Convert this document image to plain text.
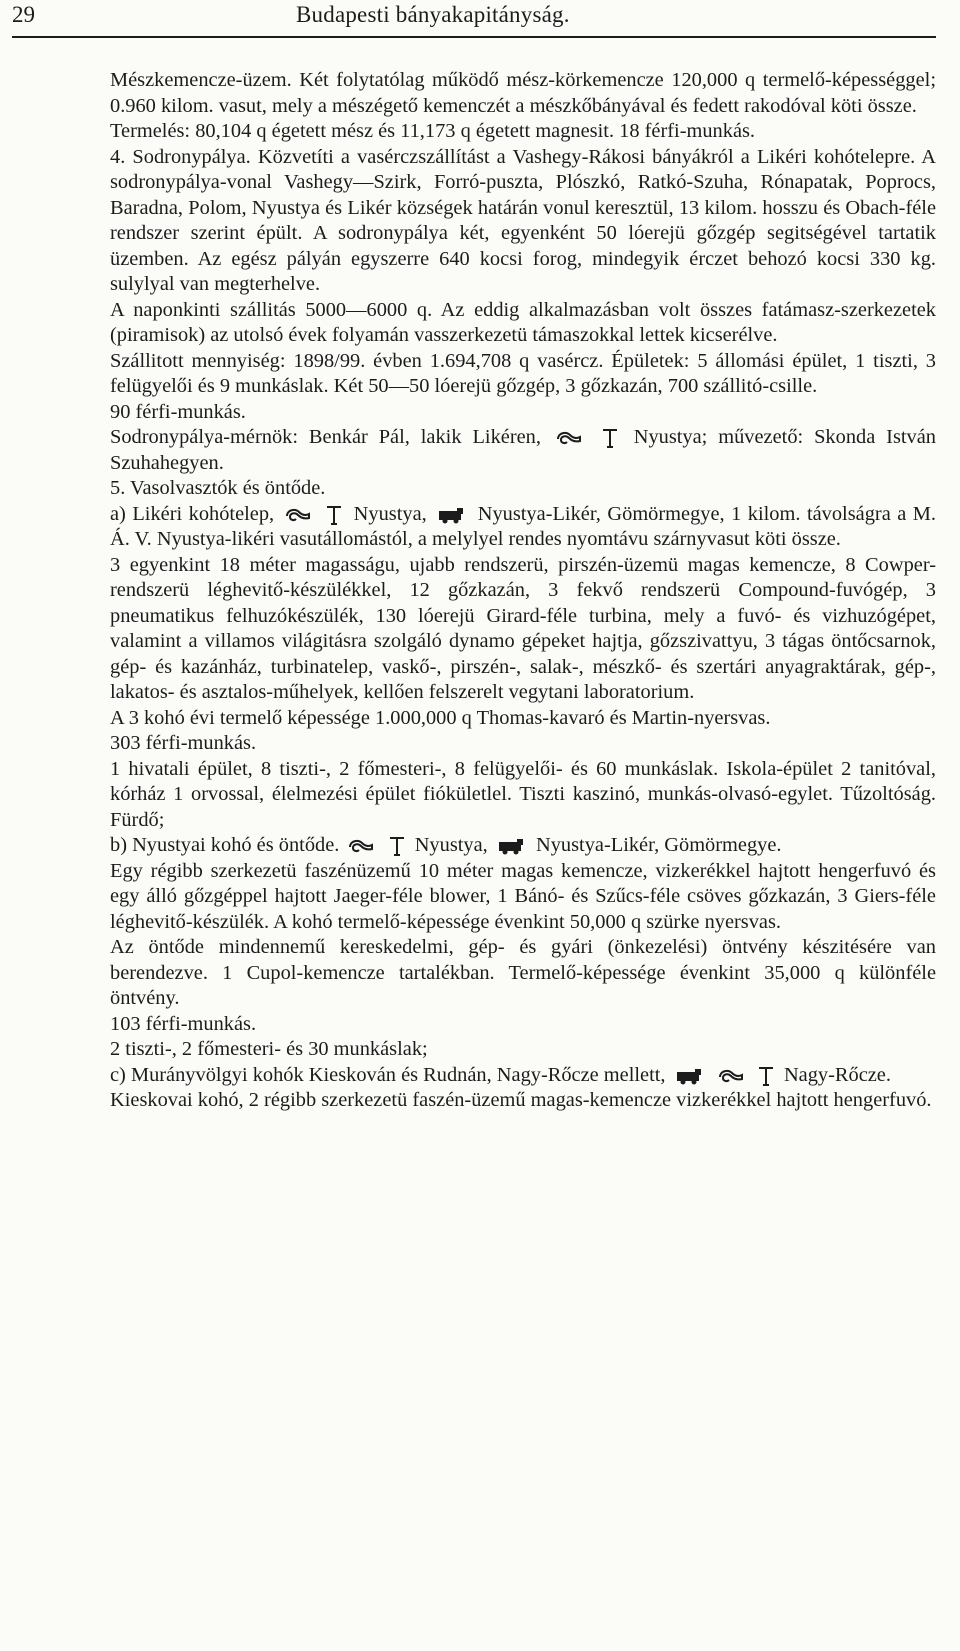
29	Budapesti bányakapitányság.

Mészkemencze-üzem. Két folytatólag működő mész-körkemencze 120,000 q termelő-képességgel; 0.960 kilom. vasut, mely a mészégető kemenczét a mészkőbányával és fedett rakodóval köti össze.

Termelés: 80,104 q égetett mész és 11,173 q égetett magnesit. 18 férfi-munkás.

4. Sodronypálya. Közvetíti a vasérczszállítást a Vashegy-Rákosi bányákról a Likéri kohótelepre. A sodronypálya-vonal Vashegy—Szirk, Forró-puszta, Plószkó, Ratkó-Szuha, Rónapatak, Poprocs, Baradna, Polom, Nyustya és Likér községek határán vonul keresztül, 13 kilom. hosszu és Obach-féle rendszer szerint épült. A sodronypálya két, egyenként 50 lóerejü gőzgép segitségével tartatik üzemben. Az egész pályán egyszerre 640 kocsi forog, mindegyik érczet behozó kocsi 330 kg. sulylyal van megterhelve.

A naponkinti szállitás 5000—6000 q. Az eddig alkalmazásban volt összes fatámasz-szerkezetek (piramisok) az utolsó évek folyamán vasszerkezetü támaszokkal lettek kicserélve.

Szállitott mennyiség: 1898/99. évben 1.694,708 q vasércz. Épületek: 5 állomási épület, 1 tiszti, 3 felügyelői és 9 munkáslak. Két 50—50 lóerejü gőzgép, 3 gőzkazán, 700 szállitó-csille.

90 férfi-munkás.

Sodronypálya-mérnök: Benkár Pál, lakik Likéren,
	Nyustya; művezető: Skonda István Szuhahegyen.

5. Vasolvasztók és öntőde.

a) Likéri kohótelep,
	Nyustya,	Nyustya-Likér, Gömörmegye, 1 kilom. távolságra a M. Á. V. Nyustya-likéri vasutállomástól, a melylyel rendes nyomtávu szárnyvasut köti össze.

3 egyenkint 18 méter magasságu, ujabb rendszerü, pirszén-üzemü magas kemencze, 8 Cowper-rendszerü léghevitő-készülékkel, 12 gőzkazán, 3 fekvő rendszerü Compound-fuvógép, 3 pneumatikus felhuzókészülék, 130 lóerejü Girard-féle turbina, mely a fuvó- és vizhuzógépet, valamint a villamos világitásra szolgáló dynamo gépeket hajtja, gőzszivattyu, 3 tágas öntőcsarnok, gép- és kazánház, turbinatelep, vaskő-, pirszén-, salak-, mészkő- és szertári anyagraktárak, gép-, lakatos- és asztalos-műhelyek, kellően felszerelt vegytani laboratorium.

A 3 kohó évi termelő képessége 1.000,000 q Thomas-kavaró és Martin-nyersvas.

303 férfi-munkás.

1 hivatali épület, 8 tiszti-, 2 főmesteri-, 8 felügyelői- és 60 munkáslak. Iskola-épület 2 tanitóval, kórház 1 orvossal, élelmezési épület fiókületlel. Tiszti kaszinó, munkás-olvasó-egylet. Tűzoltóság. Fürdő;

b) Nyustyai kohó és öntőde.
	Nyustya, Nyustya-Likér, Gömörmegye.

Egy régibb szerkezetü faszénüzemű 10 méter magas kemencze, vizkerékkel hajtott hengerfuvó és egy álló gőzgéppel hajtott Jaeger-féle blower, 1 Bánó- és Szűcs-féle csöves gőzkazán, 3 Giers-féle léghevitő-készülék. A kohó termelő-képessége évenkint 50,000 q szürke nyersvas.

Az öntőde mindennemű kereskedelmi, gép- és gyári (önkezelési) öntvény készitésére van berendezve. 1 Cupol-kemencze tartalékban. Termelő-képessége évenkint 35,000 q különféle öntvény.

103 férfi-munkás.

2 tiszti-, 2 főmesteri- és 30 munkáslak;

c) Murányvölgyi kohók Kieskován és Rudnán, Nagy-Rőcze mellett,

	Nagy-Rőcze.

Kieskovai kohó, 2 régibb szerkezetü faszén-üzemű magas-kemencze vizkerékkel hajtott hengerfuvó.
